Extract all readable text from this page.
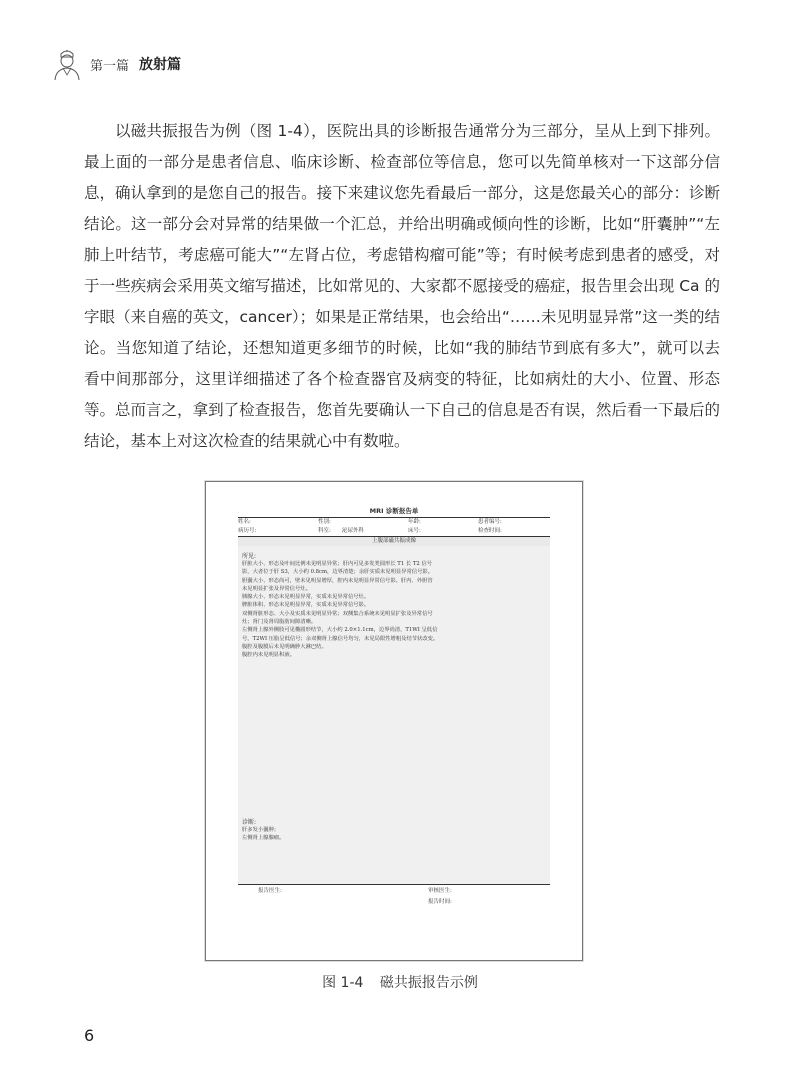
第一篇 放射篇

以磁共振报告为例（图 1-4），医院出具的诊断报告通常分为三部分，呈从上到下排列。最上面的一部分是患者信息、临床诊断、检查部位等信息，您可以先简单核对一下这部分信息，确认拿到的是您自己的报告。接下来建议您先看最后一部分，这是您最关心的部分：诊断结论。这一部分会对异常的结果做一个汇总，并给出明确或倾向性的诊断，比如“肝囊肿”“左肺上叶结节，考虑癌可能大”“左肾占位，考虑错构瘤可能”等；有时候考虑到患者的感受，对于一些疾病会采用英文缩写描述，比如常见的、大家都不愿接受的癌症，报告里会出现 Ca 的字眼（来自癌的英文，cancer）；如果是正常结果，也会给出“……未见明显异常”这一类的结论。当您知道了结论，还想知道更多细节的时候，比如“我的肺结节到底有多大”，就可以去看中间那部分，这里详细描述了各个检查器官及病变的特征，比如病灶的大小、位置、形态等。 总而言之，拿到了检查报告，您首先要确认一下自己的信息是否有误，然后看一下最后的结论，基本上对这次检查的结果就心中有数啦。

MRI 诊断报告单
姓名:	性别:	年龄:	患者编号:
病历号:	科室:	泌尿外科	床号:	检查时间:
上腹部磁共振成像
所见:
肝脏大小、形态及叶间比例未见明显异常；肝内可见多发类圆形长 T1 长 T2 信号
影，大者位于肝 S3，大小约 0.8cm，边界清楚；余肝实质未见明显异常信号影。
胆囊大小、形态尚可，壁未见明显增厚，腔内未见明显异常信号影。肝内、外胆管
未见明显扩张及异常信号灶。
胰腺大小、形态未见明显异常，实质未见异常信号灶。
脾脏体积、形态未见明显异常，实质未见异常信号影。
双侧肾脏形态、大小及实质未见明显异常；双侧集合系统未见明显扩张及异常信号
灶；肾门及肾周脂肪间隙清晰。
左侧肾上腺外侧肢可见椭圆形结节，大小约 2.0×1.1cm，边界尚清，T1WI 呈低信
号，T2WI 压脂呈低信号；余双侧肾上腺信号均匀，未见局限性增粗及结节状改变。
腹腔及腹膜后未见明确肿大淋巴结。
腹腔内未见明显积液。
诊断:
肝多发小囊肿；
左侧肾上腺腺瘤。
报告医生:	审核医生:
报告时间:
图 1-4 磁共振报告示例
6
